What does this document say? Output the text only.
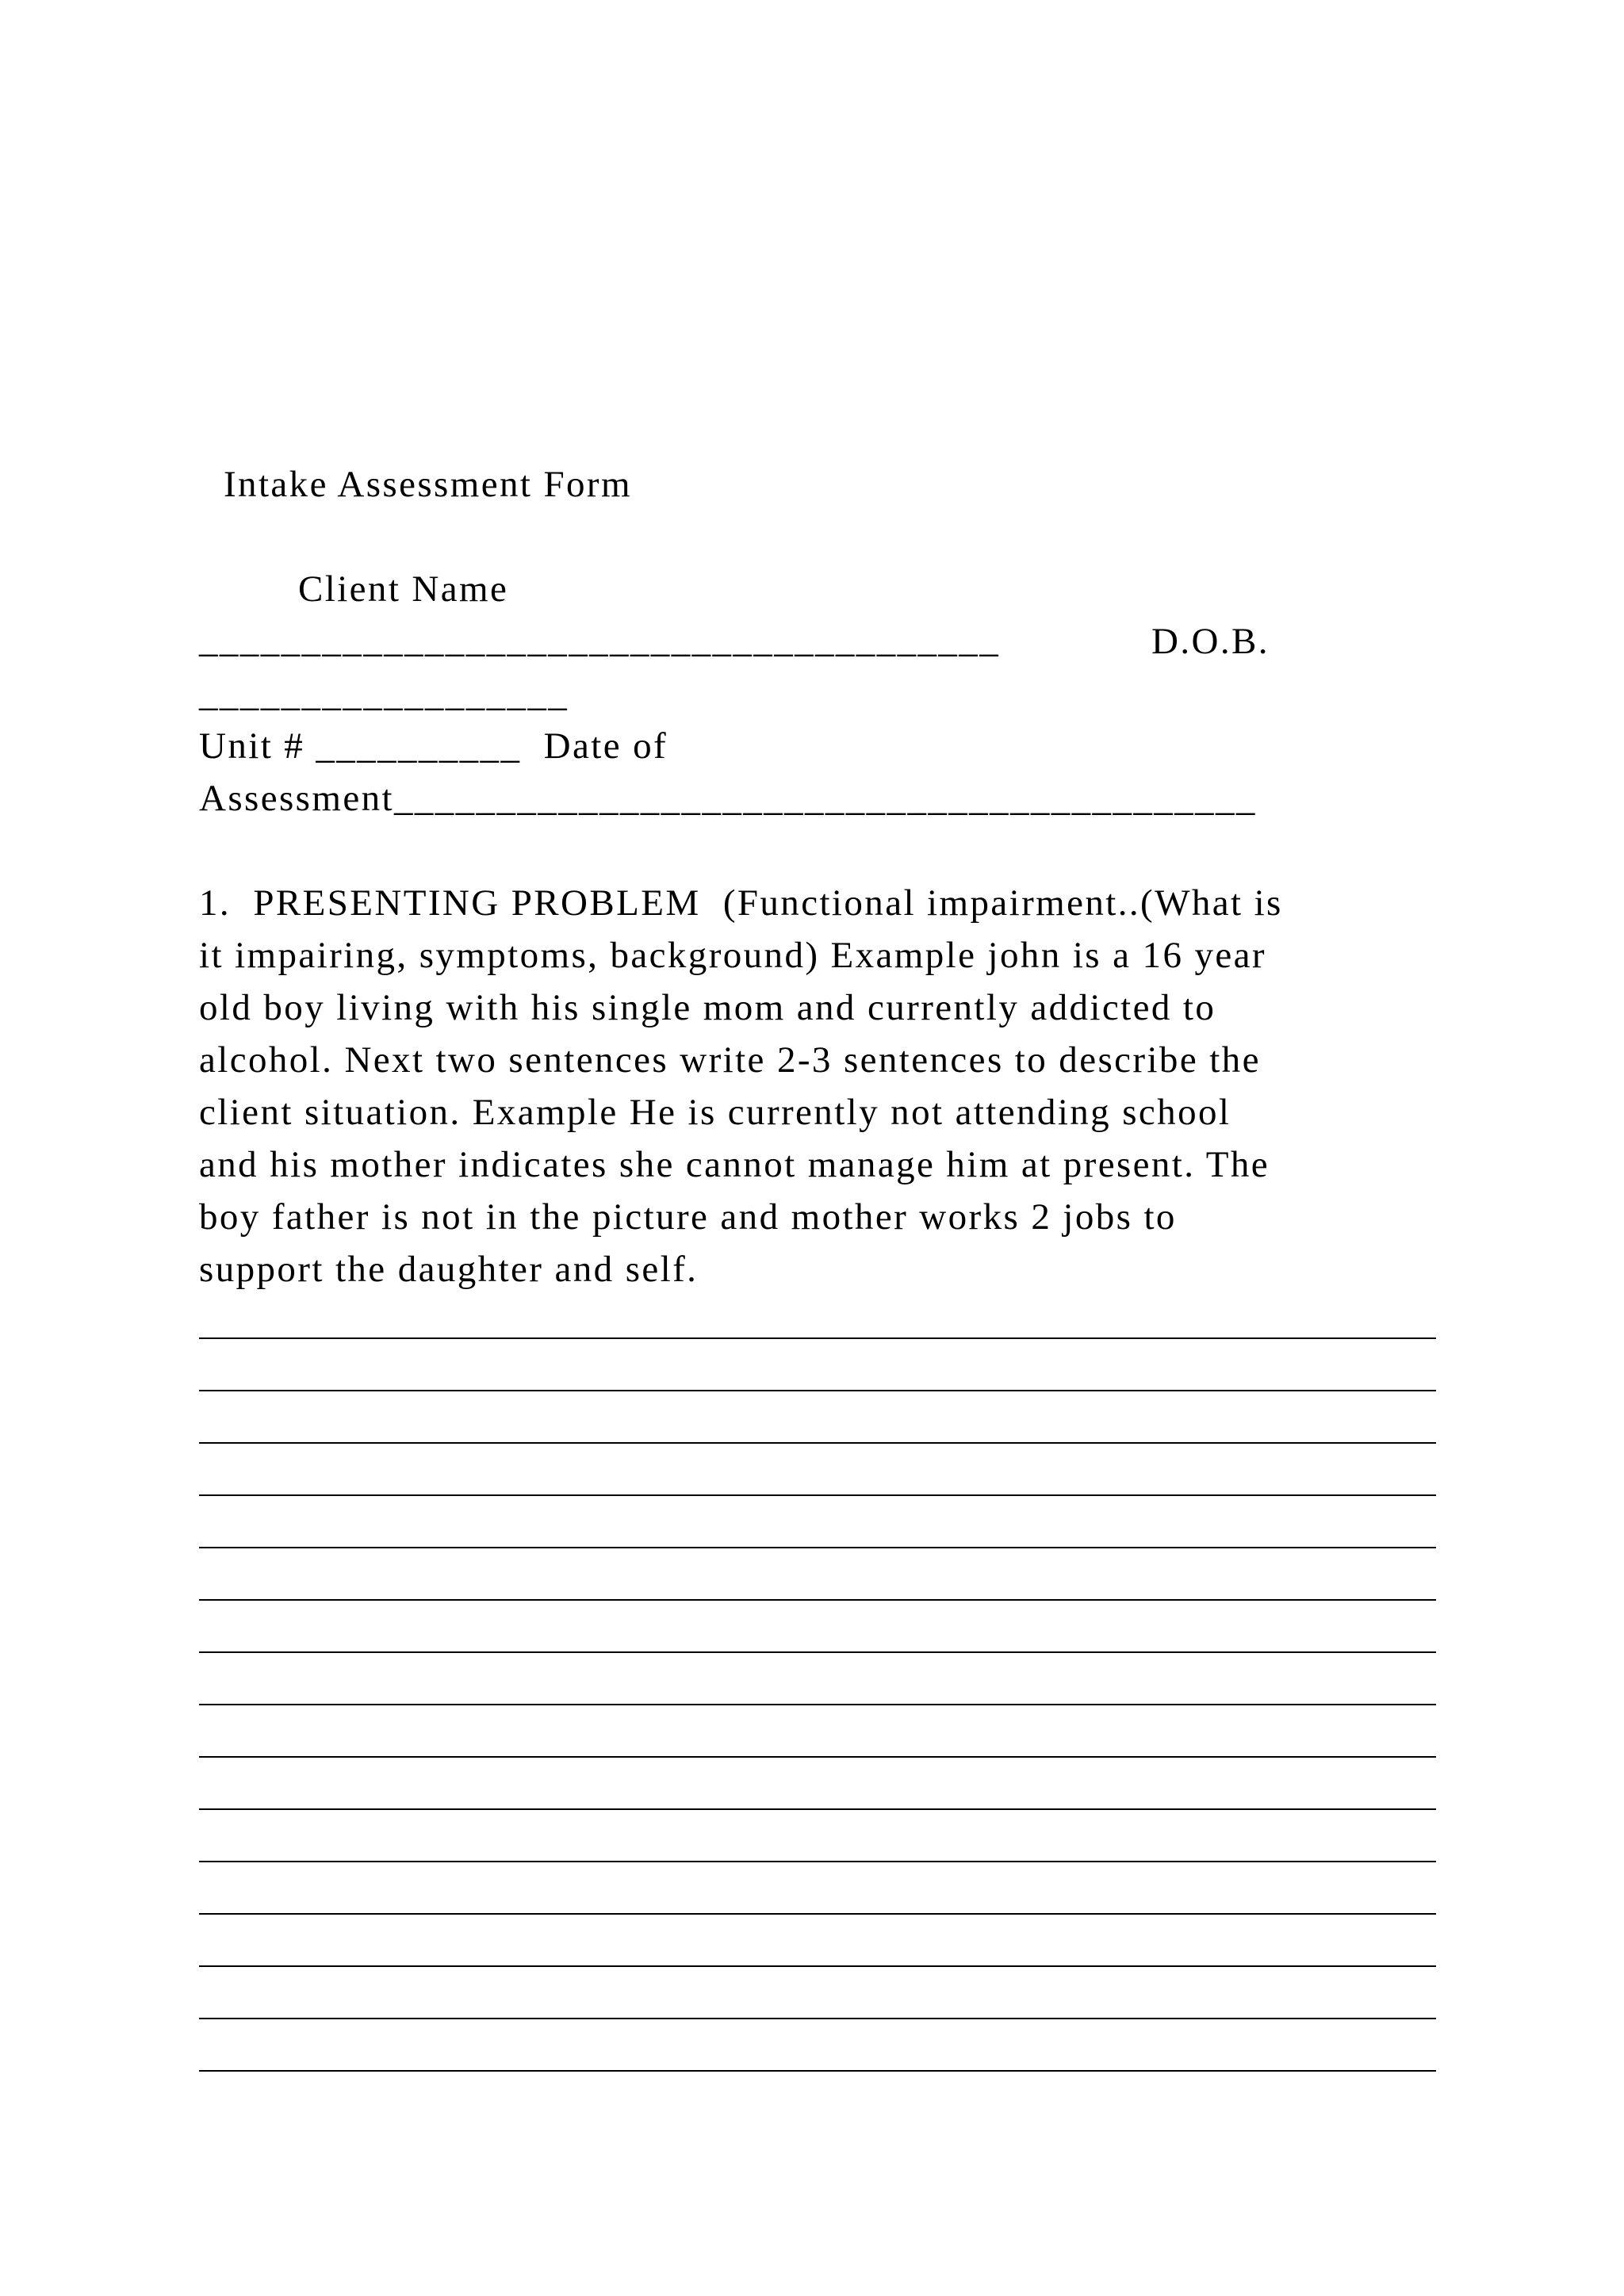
Intake Assessment Form
Client Name
_______________________________________	D.O.B.
__________________
Unit # __________  Date of
Assessment__________________________________________
1.  PRESENTING PROBLEM  (Functional impairment..(What is
it impairing, symptoms, background) Example john is a 16 year
old boy living with his single mom and currently addicted to
alcohol. Next two sentences write 2-3 sentences to describe the
client situation. Example He is currently not attending school
and his mother indicates she cannot manage him at present. The
boy father is not in the picture and mother works 2 jobs to
support the daughter and self.
